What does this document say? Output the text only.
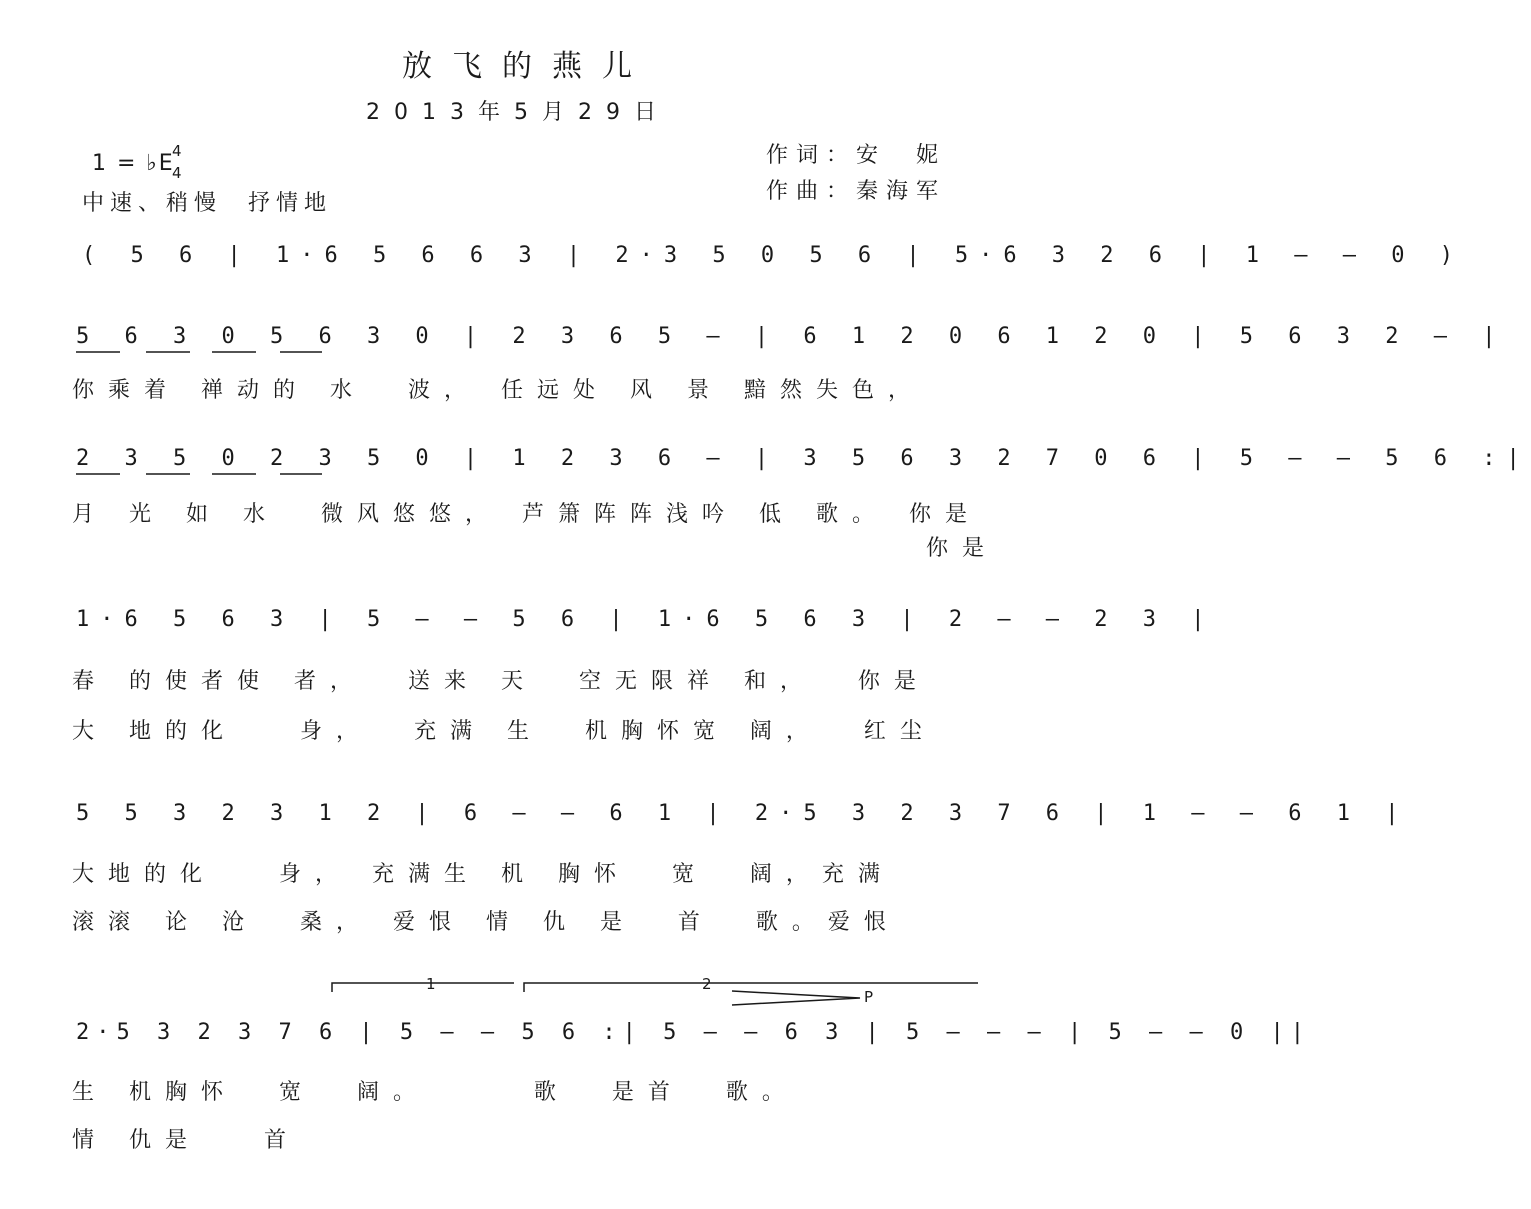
放飞的燕儿
2013年5月29日
1 = ♭E
4
4
中速、稍慢  抒情地
作词：安  妮
作曲：秦海军
( 5 6 | 1·6 5 6 6 3 | 2·3 5 0 5 6 | 5·6 3 2 6 | 1 – – 0 )
5 6 3 0 5 6 3 0 | 2 3 6 5 – | 6 1 2 0 6 1 2 0 | 5 6 3 2 – |
你乘着 禅动的 水  波， 任远处 风 景 黯然失色，
2 3 5 0 2 3 5 0 | 1 2 3 6 – | 3 5 6 3 2 7 0 6 | 5 – – 5 6 :|
月 光 如 水  微风悠悠， 芦箫阵阵浅吟 低 歌。 你是
你是
1·6 5 6 3 | 5 – – 5 6 | 1·6 5 6 3 | 2 – – 2 3 |
春 的使者使 者，  送来 天  空无限祥 和，  你是
大 地的化   身，  充满 生  机胸怀宽 阔，  红尘
5 5 3 2 3 1 2 | 6 – – 6 1 | 2·5 3 2 3 7 6 | 1 – – 6 1 |
大地的化   身， 充满生 机 胸怀  宽  阔，充满
滚滚 论 沧  桑， 爱恨 情 仇 是  首  歌。爱恨
2·5 3 2 3 7 6 | 5 – – 5 6 :| 5 – – 6 3 | 5 – – – | 5 – – 0 ||
生 机胸怀  宽  阔。     歌  是首  歌。
情 仇是   首
1	2
P
